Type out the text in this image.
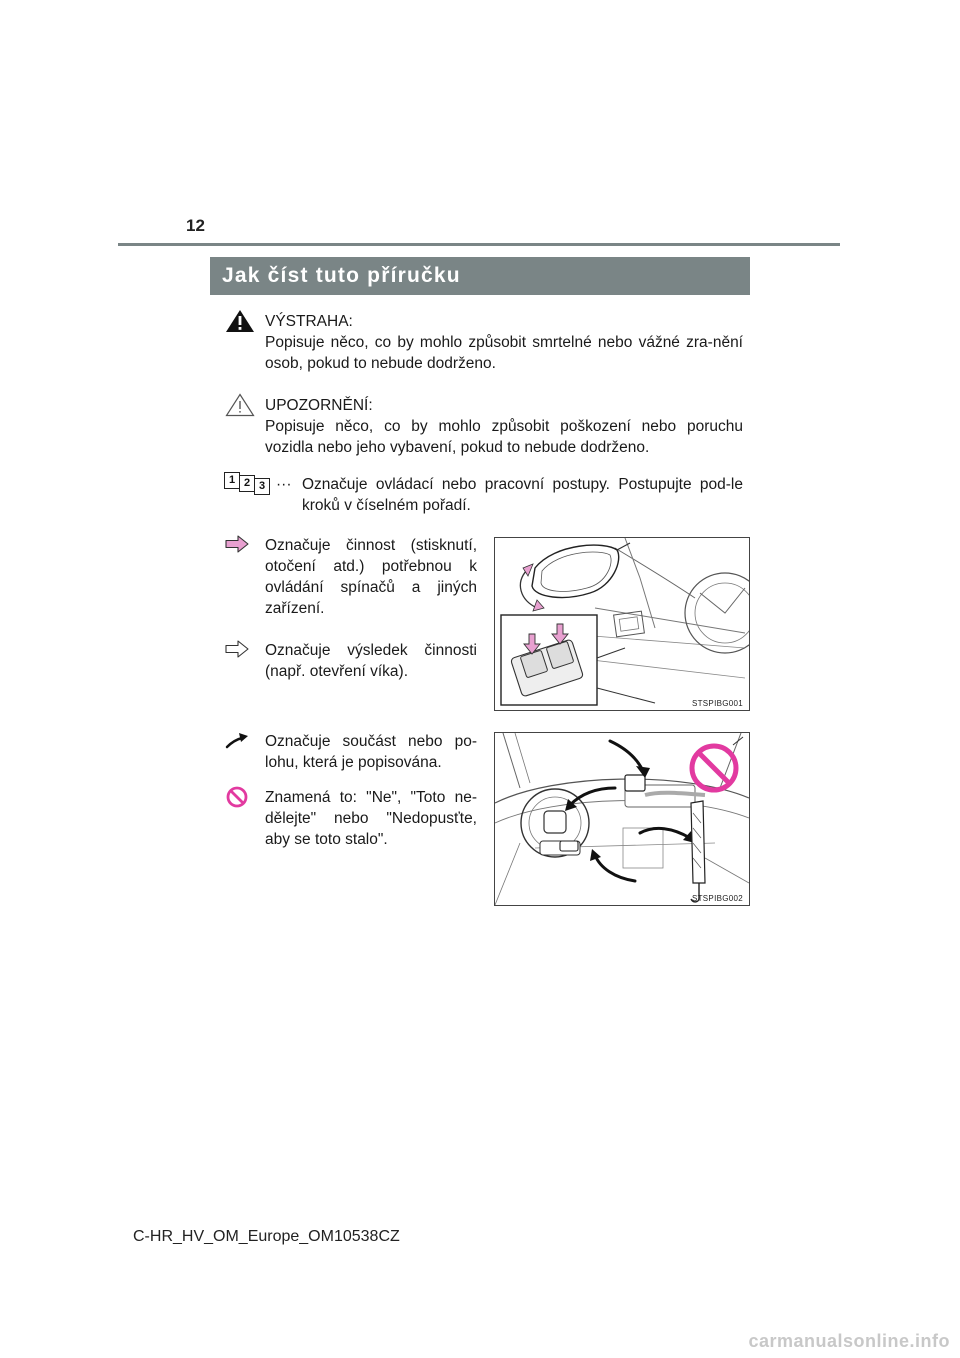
12
Jak číst tuto příručku
VÝSTRAHA:
Popisuje něco, co by mohlo způsobit smrtelné nebo vážné zra-nění osob, pokud to nebude dodrženo.
UPOZORNĚNÍ:
Popisuje něco, co by mohlo způsobit poškození nebo poruchu vozidla nebo jeho vybavení, pokud to nebude dodrženo.
1 2 3 ··· Označuje ovládací nebo pracovní postupy. Postupujte pod-le kroků v číselném pořadí.
Označuje činnost (stisknutí, otočení atd.) potřebnou k ovládání spínačů a jiných zařízení.
Označuje výsledek činnosti (např. otevření víka).
STSPIBG001
Označuje součást nebo po-lohu, která je popisována.
Znamená to: "Ne", "Toto ne-dělejte" nebo "Nedopusťte, aby se toto stalo".
STSPIBG002
C-HR_HV_OM_Europe_OM10538CZ
carmanualsonline.info
